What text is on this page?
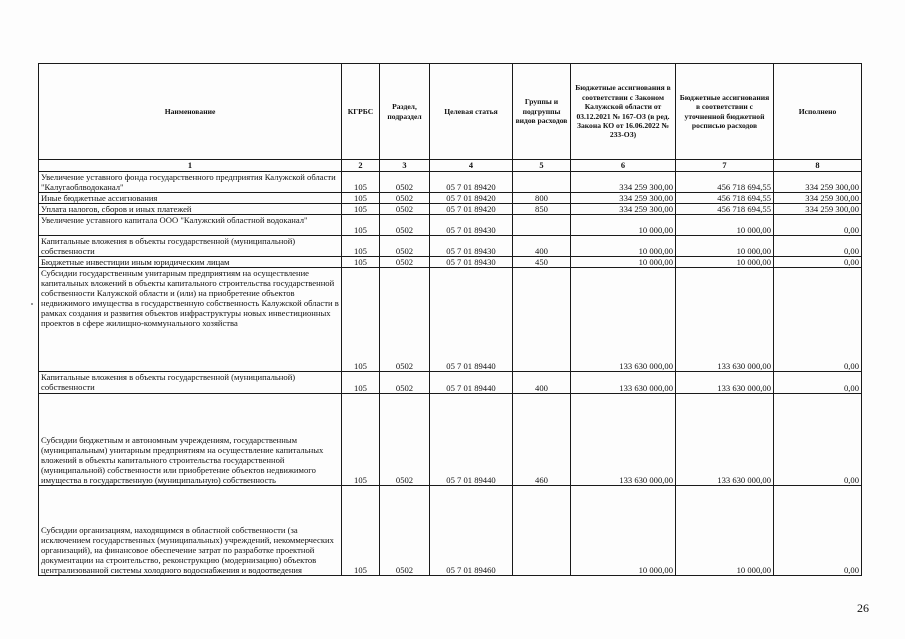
Наименование	КГРБС	Раздел, подраздел	Целевая статья	Группы и подгруппы видов расходов	Бюджетные ассигнования в соответствии с Законом Калужской области от 03.12.2021 № 167-ОЗ (в ред. Закона КО от 16.06.2022 № 233-ОЗ)	Бюджетные ассигнования в соответствии с уточненной бюджетной росписью расходов	Исполнено
1	2	3	4	5	6	7	8
Увеличение уставного фонда государственного предприятия Калужской области "Калугаоблводоканал"	105	0502	05 7 01 89420		334 259 300,00	456 718 694,55	334 259 300,00
Иные бюджетные ассигнования	105	0502	05 7 01 89420	800	334 259 300,00	456 718 694,55	334 259 300,00
Уплата налогов, сборов и иных платежей	105	0502	05 7 01 89420	850	334 259 300,00	456 718 694,55	334 259 300,00
Увеличение уставного капитала ООО "Калужский областной водоканал"	105	0502	05 7 01 89430		10 000,00	10 000,00	0,00
Капитальные вложения в объекты государственной (муниципальной) собственности	105	0502	05 7 01 89430	400	10 000,00	10 000,00	0,00
Бюджетные инвестиции иным юридическим лицам	105	0502	05 7 01 89430	450	10 000,00	10 000,00	0,00
Субсидии государственным унитарным предприятиям на осуществление капитальных вложений в объекты капитального строительства государственной собственности Калужской области и (или) на приобретение объектов недвижимого имущества в государственную собственность Калужской области в рамках создания и развития объектов инфраструктуры новых инвестиционных проектов в сфере жилищно-коммунального хозяйства	105	0502	05 7 01 89440		133 630 000,00	133 630 000,00	0,00
Капитальные вложения в объекты государственной (муниципальной) собственности	105	0502	05 7 01 89440	400	133 630 000,00	133 630 000,00	0,00
Субсидии бюджетным и автономным учреждениям, государственным (муниципальным) унитарным предприятиям на осуществление капитальных вложений в объекты капитального строительства государственной (муниципальной) собственности или приобретение объектов недвижимого имущества в государственную (муниципальную) собственность	105	0502	05 7 01 89440	460	133 630 000,00	133 630 000,00	0,00
Субсидии организациям, находящимся в областной собственности (за исключением государственных (муниципальных) учреждений, некоммерческих организаций), на финансовое обеспечение затрат по разработке проектной документации на строительство, реконструкцию (модернизацию) объектов централизованной системы холодного водоснабжения и водоотведения	105	0502	05 7 01 89460		10 000,00	10 000,00	0,00
26
